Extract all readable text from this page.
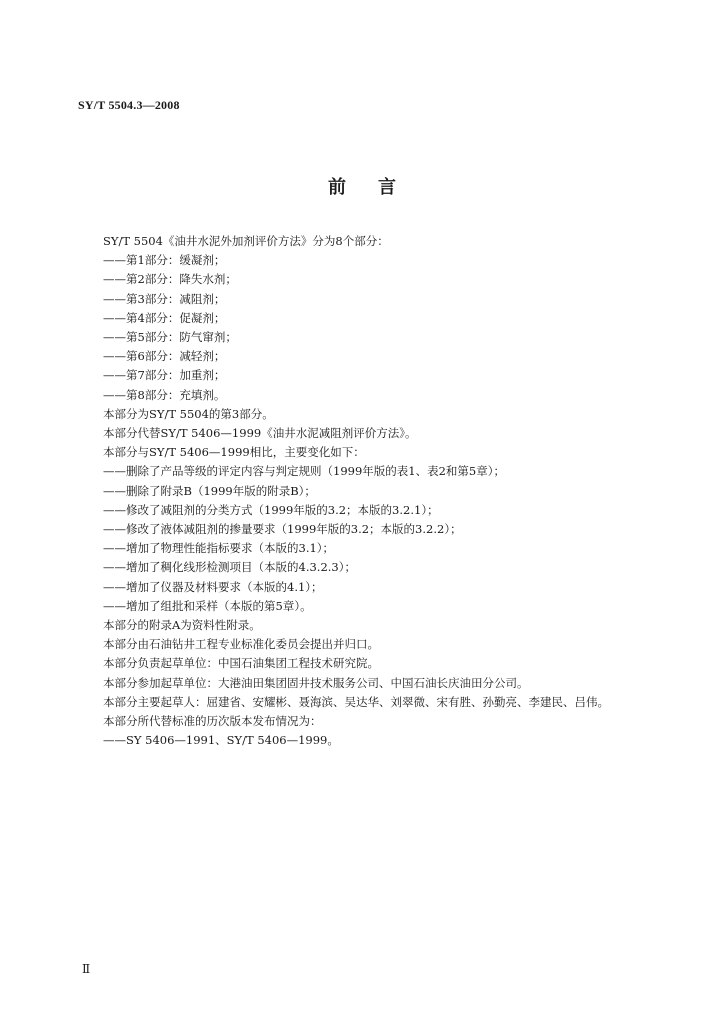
SY/T 5504.3—2008
前言
SY/T 5504《油井水泥外加剂评价方法》分为8个部分：
——第1部分：缓凝剂；
——第2部分：降失水剂；
——第3部分：减阻剂；
——第4部分：促凝剂；
——第5部分：防气窜剂；
——第6部分：减轻剂；
——第7部分：加重剂；
——第8部分：充填剂。
本部分为SY/T 5504的第3部分。
本部分代替SY/T 5406—1999《油井水泥减阻剂评价方法》。
本部分与SY/T 5406—1999相比，主要变化如下：
——删除了产品等级的评定内容与判定规则（1999年版的表1、表2和第5章）；
——删除了附录B（1999年版的附录B）；
——修改了减阻剂的分类方式（1999年版的3.2；本版的3.2.1）；
——修改了液体减阻剂的掺量要求（1999年版的3.2；本版的3.2.2）；
——增加了物理性能指标要求（本版的3.1）；
——增加了稠化线形检测项目（本版的4.3.2.3）；
——增加了仪器及材料要求（本版的4.1）；
——增加了组批和采样（本版的第5章）。
本部分的附录A为资料性附录。
本部分由石油钻井工程专业标准化委员会提出并归口。
本部分负责起草单位：中国石油集团工程技术研究院。
本部分参加起草单位：大港油田集团固井技术服务公司、中国石油长庆油田分公司。
本部分主要起草人：屈建省、安耀彬、聂海滨、吴达华、刘翠微、宋有胜、孙勤亮、李建民、吕伟。
本部分所代替标准的历次版本发布情况为：
——SY 5406—1991、SY/T 5406—1999。
Ⅱ
